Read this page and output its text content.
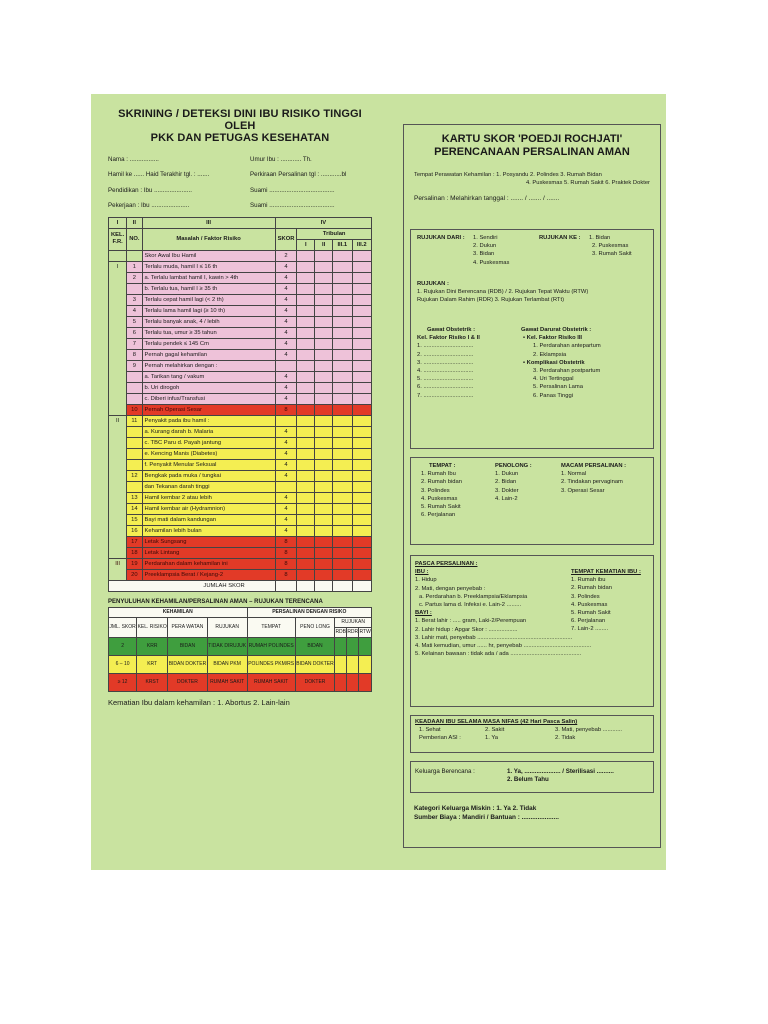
SKRINING / DETEKSI DINI IBU RISIKO TINGGI
OLEH
PKK DAN PETUGAS KESEHATAN
Nama : .................	Umur Ibu : ............ Th.
Hamil ke ...... Haid Terakhir tgl. : .......	Perkiraan Persalinan tgl : ............bl
Pendidikan : Ibu ......................	Suami ......................................
Pekerjaan : Ibu ......................	Suami ......................................
I	II	III	IV				
KEL. F.R.	NO.	Masalah / Faktor Risiko	SKOR	Tribulan			
				I	II	III.1	III.2
		Skor Awal Ibu Hamil	2				
I	1	Terlalu muda, hamil I ≤ 16 th	4				
	2	a. Terlalu lambat hamil I, kawin > 4th	4				
		b. Terlalu tua, hamil I ≥ 35 th	4				
	3	Terlalu cepat hamil lagi (< 2 th)	4				
	4	Terlalu lama hamil lagi (≥ 10 th)	4				
	5	Terlalu banyak anak, 4 / lebih	4				
	6	Terlalu tua, umur ≥ 35 tahun	4				
	7	Terlalu pendek ≤ 145 Cm	4				
	8	Pernah gagal kehamilan	4				
	9	Pernah melahirkan dengan :					
		a. Tarikan tang / vakum	4				
		b. Uri dirogoh	4				
		c. Diberi infus/Transfusi	4				
	10	Pernah Operasi Sesar	8				
II	11	Penyakit pada ibu hamil :					
		a. Kurang darah b. Malaria	4				
		c. TBC Paru d. Payah jantung	4				
		e. Kencing Manis (Diabetes)	4				
		f. Penyakit Menular Seksual	4				
	12	Bengkak pada muka / tungkai	4				
		dan Tekanan darah tinggi					
	13	Hamil kembar 2 atau lebih	4				
	14	Hamil kembar air (Hydramnion)	4				
	15	Bayi mati dalam kandungan	4				
	16	Kehamilan lebih bulan	4				
	17	Letak Sungsang	8				
	18	Letak Lintang	8				
III	19	Perdarahan dalam kehamilan ini	8				
	20	Preeklampsia Berat / Kejang-2	8				
JUMLAH SKOR							
PENYULUHAN KEHAMILAN/PERSALINAN AMAN – RUJUKAN TERENCANA
KEHAMILAN				PERSALINAN DENGAN RISIKO				
JML. SKOR	KEL. RISIKO	PERA WATAN	RUJUKAN	TEMPAT	PENO LONG	RUJUKAN		
						RDB	RDR	RTW
2	KRR	BIDAN	TIDAK DIRUJUK	RUMAH POLINDES	BIDAN			
6 – 10	KRT	BIDAN DOKTER	BIDAN PKM	POLINDES PKM/RS	BIDAN DOKTER			
≥ 12	KRST	DOKTER	RUMAH SAKIT	RUMAH SAKIT	DOKTER			
Kematian Ibu dalam kehamilan : 1. Abortus 2. Lain-lain
KARTU SKOR 'POEDJI ROCHJATI'
PERENCANAAN PERSALINAN AMAN
Tempat Perawatan Kehamilan : 1. Posyandu 2. Polindes 3. Rumah Bidan
4. Puskesmas 5. Rumah Sakit 6. Praktek Dokter
Persalinan : Melahirkan tanggal : ....... / ....... / .......
RUJUKAN DARI : 1. Sendiri
2. Dukun
3. Bidan
4. Puskesmas
RUJUKAN KE : 1. Bidan
2. Puskesmas
3. Rumah Sakit
RUJUKAN :
1. Rujukan Dini Berencana (RDB) / 2. Rujukan Tepat Waktu (RTW)
Rujukan Dalam Rahim (RDR) 3. Rujukan Terlambat (RTt)
Gawat Obstetrik :
Kel. Faktor Risiko I & II
1. ...............................
2. ...............................
3. ...............................
4. ...............................
5. ...............................
6. ...............................
7. ...............................
Gawat Darurat Obstetrik :
• Kel. Faktor Risiko III
1. Perdarahan antepartum
2. Eklampsia
• Komplikasi Obstetrik
3. Perdarahan postpartum
4. Uri Tertinggal
5. Persalinan Lama
6. Panas Tinggi
TEMPAT :
1. Rumah Ibu
2. Rumah bidan
3. Polindes
4. Puskesmas
5. Rumah Sakit
6. Perjalanan
PENOLONG :
1. Dukun
2. Bidan
3. Dokter
4. Lain-2
MACAM PERSALINAN :
1. Normal
2. Tindakan pervaginam
3. Operasi Sesar
PASCA PERSALINAN :
IBU :
1. Hidup
2. Mati, dengan penyebab :
a. Perdarahan b. Preeklampsia/Eklampsia
c. Partus lama d. Infeksi e. Lain-2 .........
BAYI :
1. Berat lahir : ..... gram, Laki-2/Perempuan
2. Lahir hidup : Apgar Skor : ..................
3. Lahir mati, penyebab ...........................................................
4. Mati kemudian, umur ...... hr, penyebab ..........................................
5. Kelainan bawaan : tidak ada / ada ............................................
TEMPAT KEMATIAN IBU :
1. Rumah ibu
2. Rumah bidan
3. Polindes
4. Puskesmas
5. Rumah Sakit
6. Perjalanan
7. Lain-2 ........
KEADAAN IBU SELAMA MASA NIFAS (42 Hari Pasca Salin)
1. Sehat	2. Sakit	3. Mati, penyebab ............
Pemberian ASI :	1. Ya	2. Tidak
Keluarga Berencana :	1. Ya, ..................... / Sterilisasi ..........
2. Belum Tahu
Kategori Keluarga Miskin : 1. Ya 2. Tidak
Sumber Biaya : Mandiri / Bantuan : .....................
